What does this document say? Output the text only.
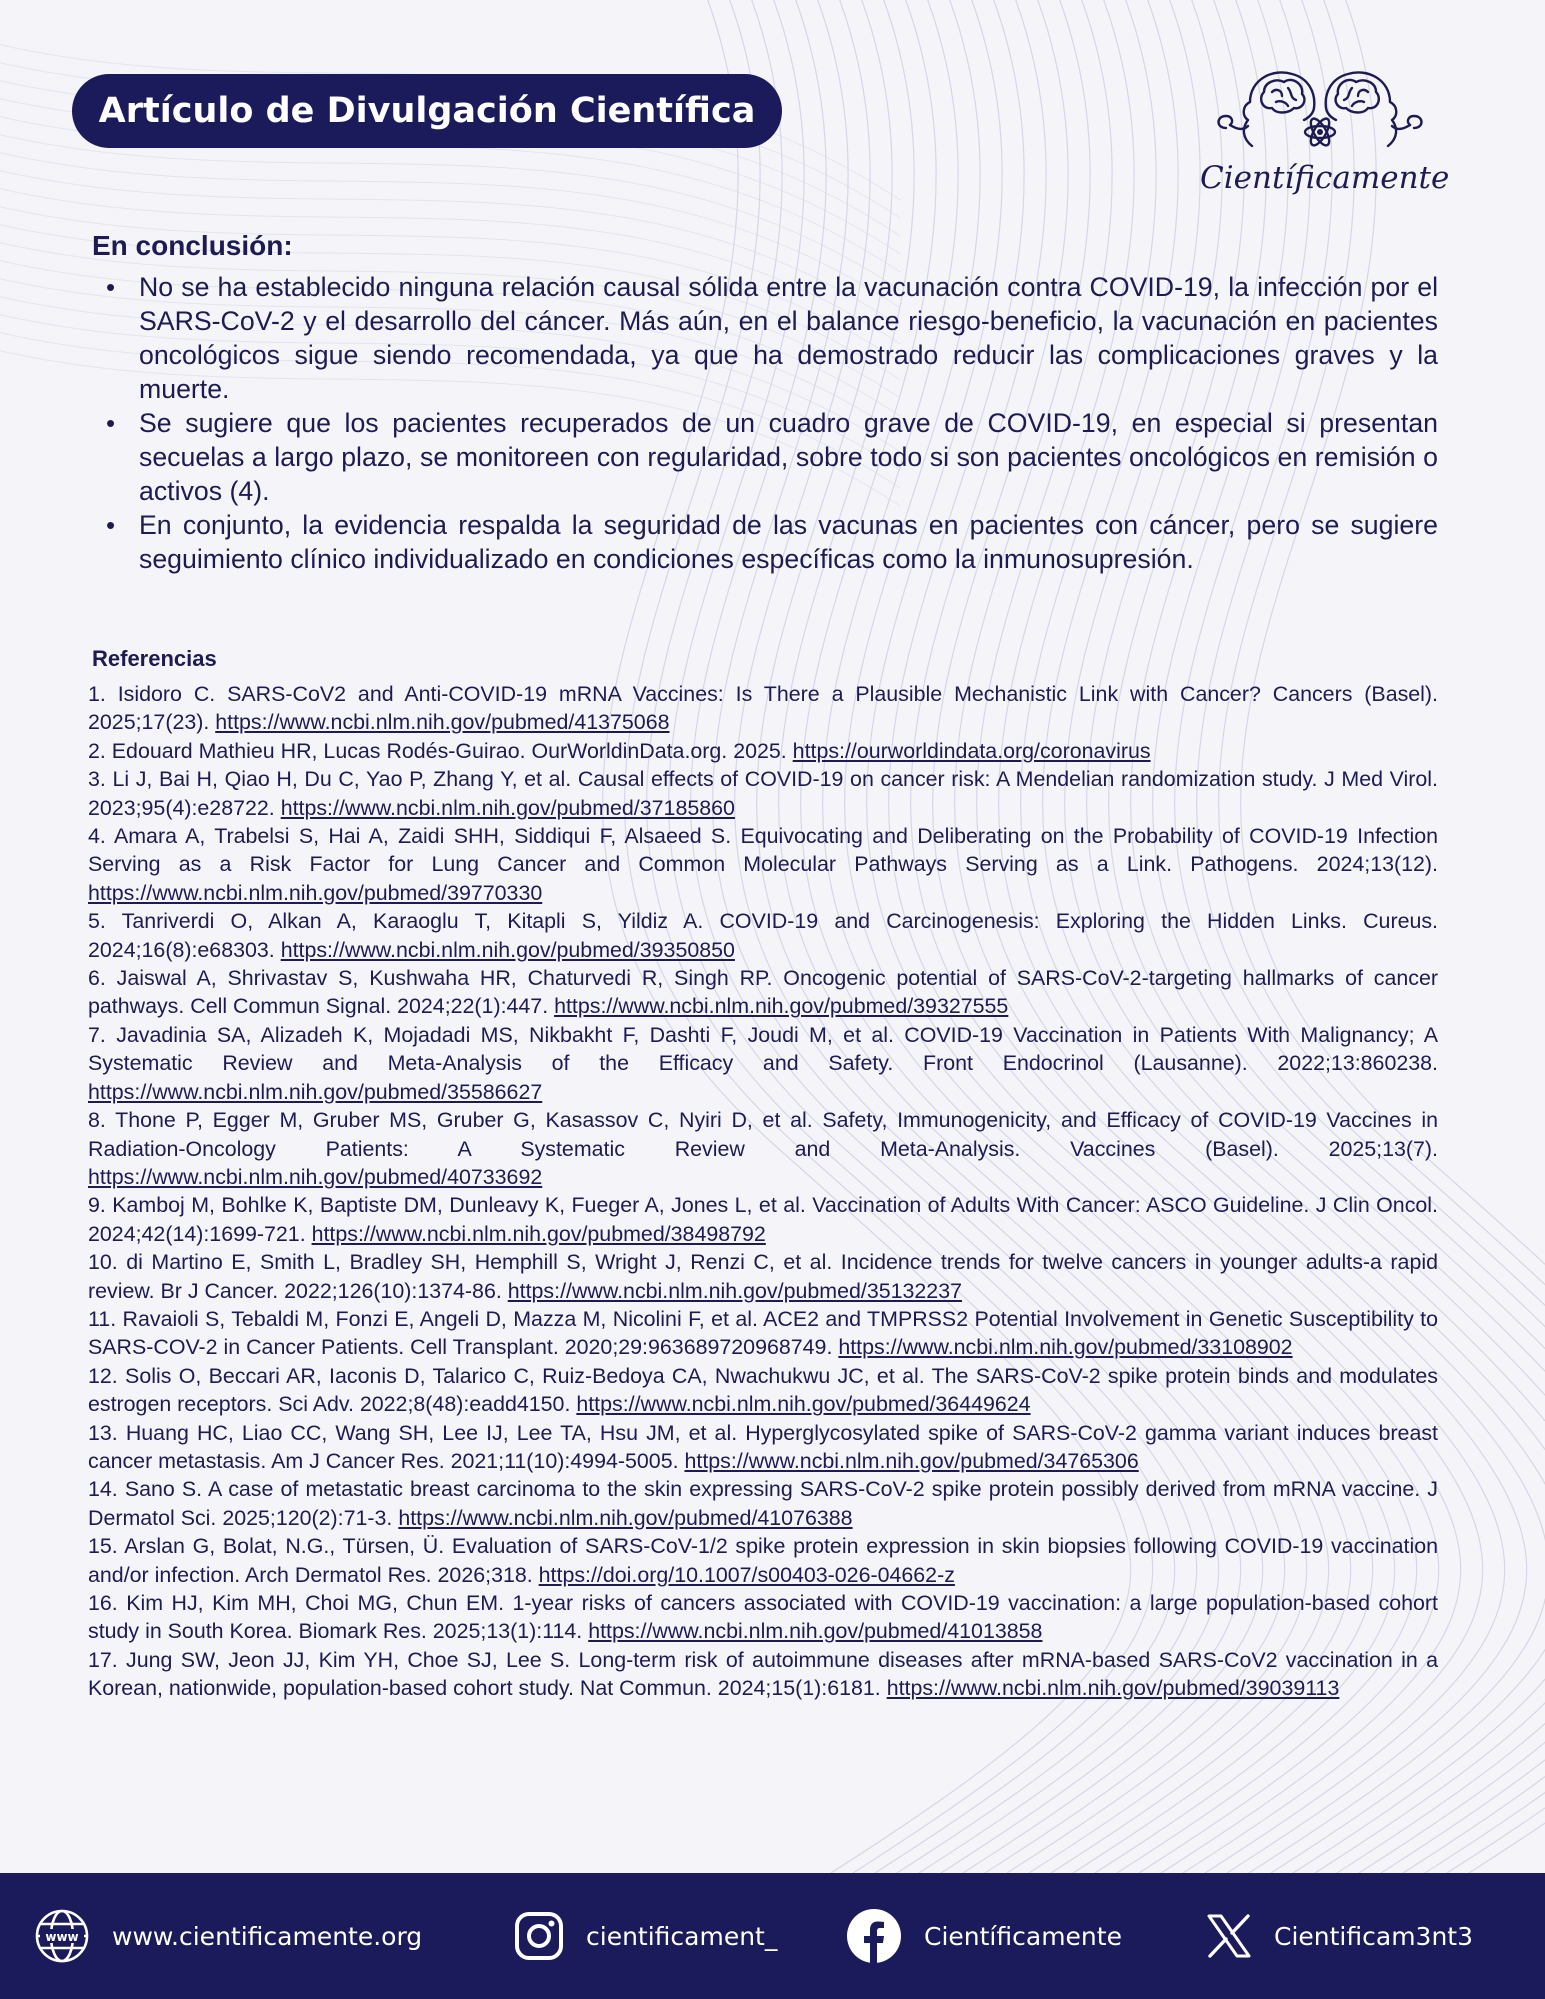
Artículo de Divulgación Científica
Científicamente
En conclusión:
• No se ha establecido ninguna relación causal sólida entre la vacunación contra COVID-19, la infección por el SARS-CoV-2 y el desarrollo del cáncer. Más aún, en el balance riesgo-beneficio, la vacunación en pacientes oncológicos sigue siendo recomendada, ya que ha demostrado reducir las complicaciones graves y la muerte.
• Se sugiere que los pacientes recuperados de un cuadro grave de COVID-19, en especial si presentan secuelas a largo plazo, se monitoreen con regularidad, sobre todo si son pacientes oncológicos en remisión o activos (4).
• En conjunto, la evidencia respalda la seguridad de las vacunas en pacientes con cáncer, pero se sugiere seguimiento clínico individualizado en condiciones específicas como la inmunosupresión.
Referencias
1. Isidoro C. SARS-CoV2 and Anti-COVID-19 mRNA Vaccines: Is There a Plausible Mechanistic Link with Cancer? Cancers (Basel). 2025;17(23). https://www.ncbi.nlm.nih.gov/pubmed/41375068
2. Edouard Mathieu HR, Lucas Rodés-Guirao. OurWorldinData.org. 2025. https://ourworldindata.org/coronavirus
3. Li J, Bai H, Qiao H, Du C, Yao P, Zhang Y, et al. Causal effects of COVID-19 on cancer risk: A Mendelian randomization study. J Med Virol. 2023;95(4):e28722. https://www.ncbi.nlm.nih.gov/pubmed/37185860
4. Amara A, Trabelsi S, Hai A, Zaidi SHH, Siddiqui F, Alsaeed S. Equivocating and Deliberating on the Probability of COVID-19 Infection Serving as a Risk Factor for Lung Cancer and Common Molecular Pathways Serving as a Link. Pathogens. 2024;13(12). https://www.ncbi.nlm.nih.gov/pubmed/39770330
5. Tanriverdi O, Alkan A, Karaoglu T, Kitapli S, Yildiz A. COVID-19 and Carcinogenesis: Exploring the Hidden Links. Cureus. 2024;16(8):e68303. https://www.ncbi.nlm.nih.gov/pubmed/39350850
6. Jaiswal A, Shrivastav S, Kushwaha HR, Chaturvedi R, Singh RP. Oncogenic potential of SARS-CoV-2-targeting hallmarks of cancer pathways. Cell Commun Signal. 2024;22(1):447. https://www.ncbi.nlm.nih.gov/pubmed/39327555
7. Javadinia SA, Alizadeh K, Mojadadi MS, Nikbakht F, Dashti F, Joudi M, et al. COVID-19 Vaccination in Patients With Malignancy; A Systematic Review and Meta-Analysis of the Efficacy and Safety. Front Endocrinol (Lausanne). 2022;13:860238. https://www.ncbi.nlm.nih.gov/pubmed/35586627
8. Thone P, Egger M, Gruber MS, Gruber G, Kasassov C, Nyiri D, et al. Safety, Immunogenicity, and Efficacy of COVID-19 Vaccines in Radiation-Oncology Patients: A Systematic Review and Meta-Analysis. Vaccines (Basel). 2025;13(7). https://www.ncbi.nlm.nih.gov/pubmed/40733692
9. Kamboj M, Bohlke K, Baptiste DM, Dunleavy K, Fueger A, Jones L, et al. Vaccination of Adults With Cancer: ASCO Guideline. J Clin Oncol. 2024;42(14):1699-721. https://www.ncbi.nlm.nih.gov/pubmed/38498792
10. di Martino E, Smith L, Bradley SH, Hemphill S, Wright J, Renzi C, et al. Incidence trends for twelve cancers in younger adults-a rapid review. Br J Cancer. 2022;126(10):1374-86. https://www.ncbi.nlm.nih.gov/pubmed/35132237
11. Ravaioli S, Tebaldi M, Fonzi E, Angeli D, Mazza M, Nicolini F, et al. ACE2 and TMPRSS2 Potential Involvement in Genetic Susceptibility to SARS-COV-2 in Cancer Patients. Cell Transplant. 2020;29:963689720968749. https://www.ncbi.nlm.nih.gov/pubmed/33108902
12. Solis O, Beccari AR, Iaconis D, Talarico C, Ruiz-Bedoya CA, Nwachukwu JC, et al. The SARS-CoV-2 spike protein binds and modulates estrogen receptors. Sci Adv. 2022;8(48):eadd4150. https://www.ncbi.nlm.nih.gov/pubmed/36449624
13. Huang HC, Liao CC, Wang SH, Lee IJ, Lee TA, Hsu JM, et al. Hyperglycosylated spike of SARS-CoV-2 gamma variant induces breast cancer metastasis. Am J Cancer Res. 2021;11(10):4994-5005. https://www.ncbi.nlm.nih.gov/pubmed/34765306
14. Sano S. A case of metastatic breast carcinoma to the skin expressing SARS-CoV-2 spike protein possibly derived from mRNA vaccine. J Dermatol Sci. 2025;120(2):71-3. https://www.ncbi.nlm.nih.gov/pubmed/41076388
15. Arslan G, Bolat, N.G., Türsen, Ü. Evaluation of SARS-CoV-1/2 spike protein expression in skin biopsies following COVID-19 vaccination and/or infection. Arch Dermatol Res. 2026;318. https://doi.org/10.1007/s00403-026-04662-z
16. Kim HJ, Kim MH, Choi MG, Chun EM. 1-year risks of cancers associated with COVID-19 vaccination: a large population-based cohort study in South Korea. Biomark Res. 2025;13(1):114. https://www.ncbi.nlm.nih.gov/pubmed/41013858
17. Jung SW, Jeon JJ, Kim YH, Choe SJ, Lee S. Long-term risk of autoimmune diseases after mRNA-based SARS-CoV2 vaccination in a Korean, nationwide, population-based cohort study. Nat Commun. 2024;15(1):6181. https://www.ncbi.nlm.nih.gov/pubmed/39039113
www www.cientificamente.org	cientificament_	Científicamente	Cientificam3nt3
